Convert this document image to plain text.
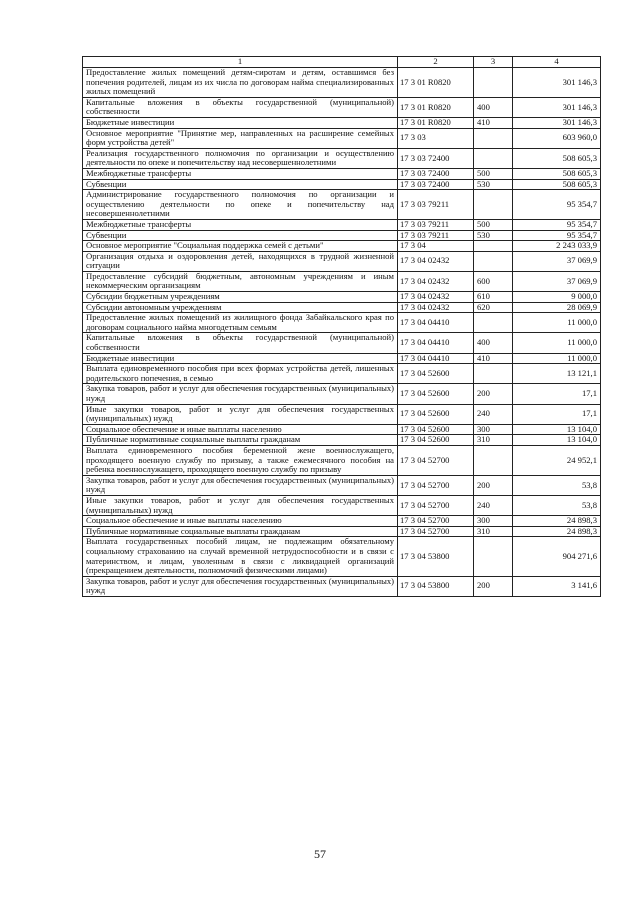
1	2	3	4
Предоставление жилых помещений детям-сиротам и детям, оставшимся без попечения родителей, лицам из их числа по договорам найма специализированных жилых помещений	17 3 01 R0820		301 146,3
Капитальные вложения в объекты государственной (муниципальной) собственности	17 3 01 R0820	400	301 146,3
Бюджетные инвестиции	17 3 01 R0820	410	301 146,3
Основное мероприятие "Принятие мер, направленных на расширение семейных форм устройства детей"	17 3 03		603 960,0
Реализация государственного полномочия по организации и осуществлению деятельности по опеке и попечительству над несовершеннолетними	17 3 03 72400		508 605,3
Межбюджетные трансферты	17 3 03 72400	500	508 605,3
Субвенции	17 3 03 72400	530	508 605,3
Администрирование государственного полномочия по организации и осуществлению деятельности по опеке и попечительству над несовершеннолетними	17 3 03 79211		95 354,7
Межбюджетные трансферты	17 3 03 79211	500	95 354,7
Субвенции	17 3 03 79211	530	95 354,7
Основное мероприятие "Социальная поддержка семей с детьми"	17 3 04		2 243 033,9
Организация отдыха и оздоровления детей, находящихся в трудной жизненной ситуации	17 3 04 02432		37 069,9
Предоставление субсидий бюджетным, автономным учреждениям и иным некоммерческим организациям	17 3 04 02432	600	37 069,9
Субсидии бюджетным учреждениям	17 3 04 02432	610	9 000,0
Субсидии автономным учреждениям	17 3 04 02432	620	28 069,9
Предоставление жилых помещений из жилищного фонда Забайкальского края по договорам социального найма многодетным семьям	17 3 04 04410		11 000,0
Капитальные вложения в объекты государственной (муниципальной) собственности	17 3 04 04410	400	11 000,0
Бюджетные инвестиции	17 3 04 04410	410	11 000,0
Выплата единовременного пособия при всех формах устройства детей, лишенных родительского попечения, в семью	17 3 04 52600		13 121,1
Закупка товаров, работ и услуг для обеспечения государственных (муниципальных) нужд	17 3 04 52600	200	17,1
Иные закупки товаров, работ и услуг для обеспечения государственных (муниципальных) нужд	17 3 04 52600	240	17,1
Социальное обеспечение и иные выплаты населению	17 3 04 52600	300	13 104,0
Публичные нормативные социальные выплаты гражданам	17 3 04 52600	310	13 104,0
Выплата единовременного пособия беременной жене военнослужащего, проходящего военную службу по призыву, а также ежемесячного пособия на ребенка военнослужащего, проходящего военную службу по призыву	17 3 04 52700		24 952,1
Закупка товаров, работ и услуг для обеспечения государственных (муниципальных) нужд	17 3 04 52700	200	53,8
Иные закупки товаров, работ и услуг для обеспечения государственных (муниципальных) нужд	17 3 04 52700	240	53,8
Социальное обеспечение и иные выплаты населению	17 3 04 52700	300	24 898,3
Публичные нормативные социальные выплаты гражданам	17 3 04 52700	310	24 898,3
Выплата государственных пособий лицам, не подлежащим обязательному социальному страхованию на случай временной нетрудоспособности и в связи с материнством, и лицам, уволенным в связи с ликвидацией организаций (прекращением деятельности, полномочий физическими лицами)	17 3 04 53800		904 271,6
Закупка товаров, работ и услуг для обеспечения государственных (муниципальных) нужд	17 3 04 53800	200	3 141,6
57
